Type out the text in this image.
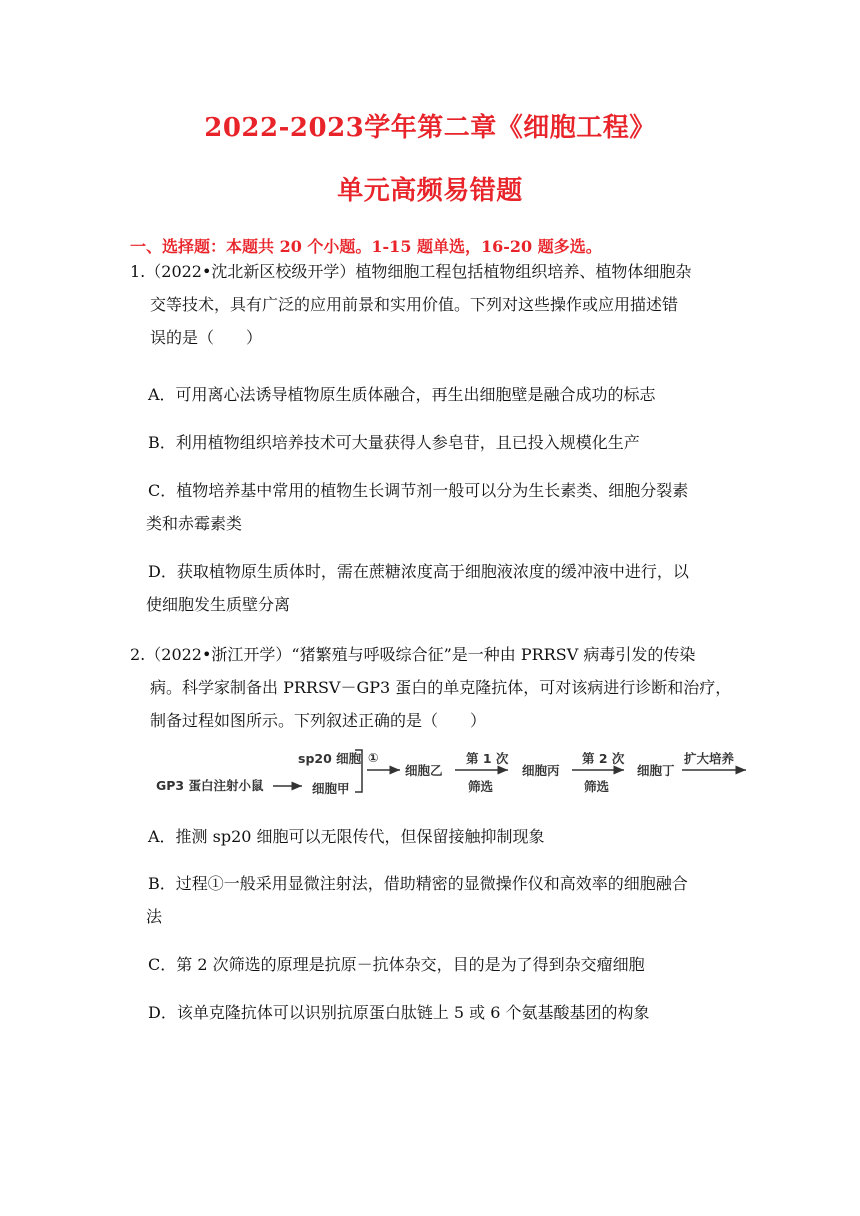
2022-2023学年第二章《细胞工程》
单元高频易错题
一、选择题：本题共 20 个小题。1-15 题单选，16-20 题多选。
1.（2022•沈北新区校级开学）植物细胞工程包括植物组织培养、植物体细胞杂
交等技术，具有广泛的应用前景和实用价值。下列对这些操作或应用描述错
误的是（　　）
A．可用离心法诱导植物原生质体融合，再生出细胞壁是融合成功的标志
B．利用植物组织培养技术可大量获得人参皂苷，且已投入规模化生产
C．植物培养基中常用的植物生长调节剂一般可以分为生长素类、细胞分裂素
类和赤霉素类
D．获取植物原生质体时，需在蔗糖浓度高于细胞液浓度的缓冲液中进行，以
使细胞发生质壁分离
2.（2022•浙江开学）“猪繁殖与呼吸综合征”是一种由 PRRSV 病毒引发的传染
病。科学家制备出 PRRSV－GP3 蛋白的单克隆抗体，可对该病进行诊断和治疗，
制备过程如图所示。下列叙述正确的是（　　）
GP3 蛋白注射小鼠
sp20 细胞
细胞甲
①
细胞乙
第 1 次
筛选
细胞丙
第 2 次
筛选
细胞丁
扩大培养
A．推测 sp20 细胞可以无限传代，但保留接触抑制现象
B．过程①一般采用显微注射法，借助精密的显微操作仪和高效率的细胞融合
法
C．第 2 次筛选的原理是抗原－抗体杂交，目的是为了得到杂交瘤细胞
D．该单克隆抗体可以识别抗原蛋白肽链上 5 或 6 个氨基酸基团的构象
